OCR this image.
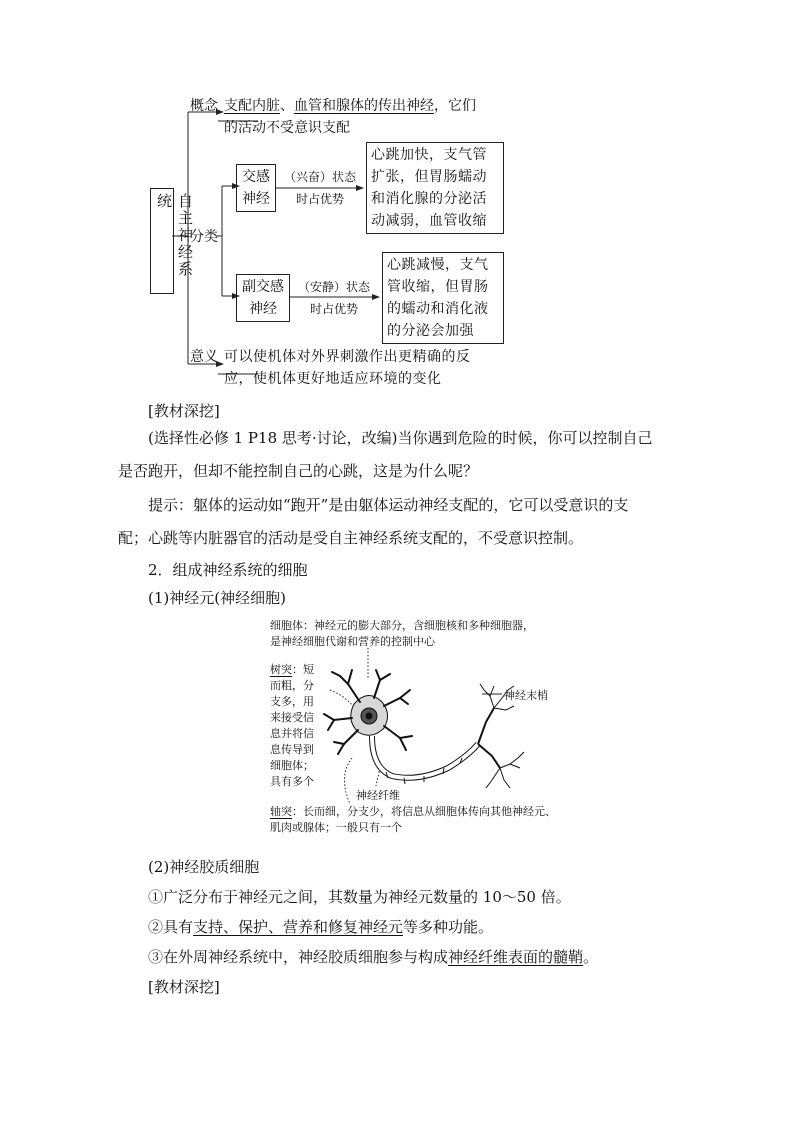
自主神经系统
概念 支配内脏、血管和腺体的传出神经，它们
的活动不受意识支配
分类
交感
神经
（兴奋）状态
时占优势
心跳加快，支气管
扩张，但胃肠蠕动
和消化腺的分泌活
动减弱，血管收缩
副交感
神经
（安静）状态
时占优势
心跳减慢，支气
管收缩，但胃肠
的蠕动和消化液
的分泌会加强
意义 可以使机体对外界刺激作出更精确的反
应，使机体更好地适应环境的变化
[教材深挖]
(选择性必修 1 P18 思考·讨论，改编)当你遇到危险的时候，你可以控制自己
是否跑开，但却不能控制自己的心跳，这是为什么呢？
提示：躯体的运动如“跑开”是由躯体运动神经支配的，它可以受意识的支
配；心跳等内脏器官的活动是受自主神经系统支配的，不受意识控制。
2．组成神经系统的细胞
(1)神经元(神经细胞)
细胞体：神经元的膨大部分，含细胞核和多种细胞器，
是神经细胞代谢和营养的控制中心
树突：短
而粗，分
支多，用
来接受信
息并将信
息传导到
细胞体；
具有多个
神经末梢
神经纤维
轴突：长而细，分支少，将信息从细胞体传向其他神经元、
肌肉或腺体；一般只有一个
(2)神经胶质细胞
①广泛分布于神经元之间，其数量为神经元数量的 10～50 倍。
②具有支持、保护、营养和修复神经元等多种功能。
③在外周神经系统中，神经胶质细胞参与构成神经纤维表面的髓鞘。
[教材深挖]
